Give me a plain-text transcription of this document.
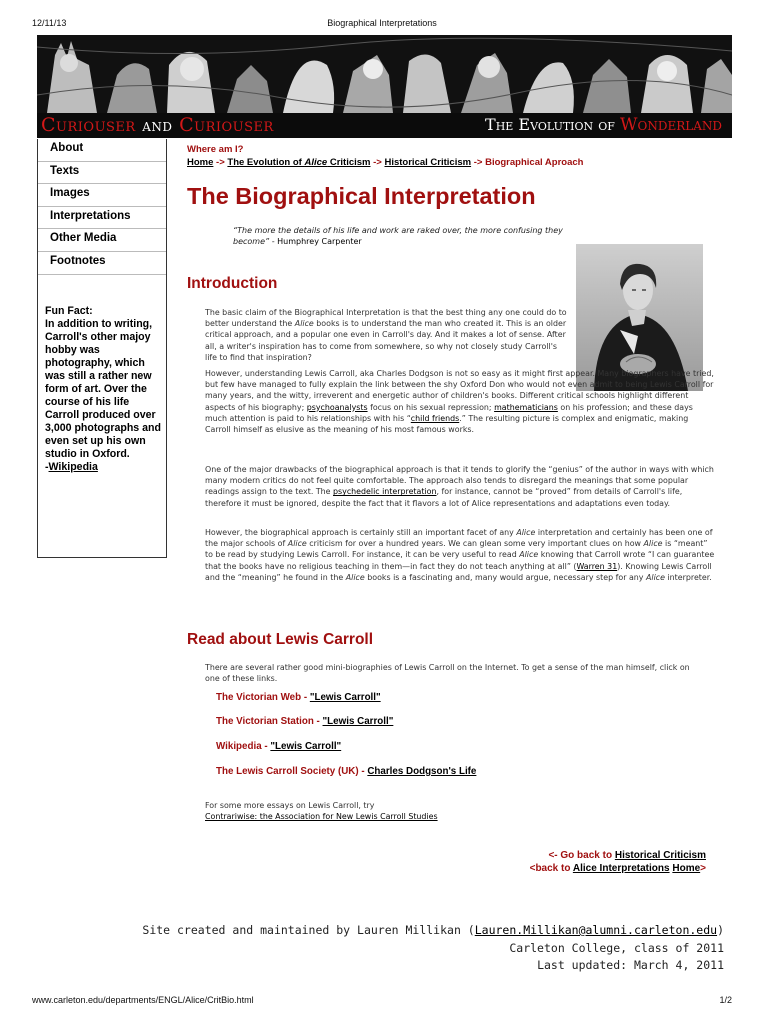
12/11/13	Biographical Interpretations
Curiouser and Curiouser	The Evolution of Wonderland
About
Texts
Images
Interpretations
Other Media
Footnotes
Fun Fact:
In addition to writing, Carroll's other majoy hobby was photography, which was still a rather new form of art. Over the course of his life Carroll produced over 3,000 photographs and even set up his own studio in Oxford.
-Wikipedia
Where am I?
Home -> The Evolution of Alice Criticism -> Historical Criticism -> Biographical Aproach
The Biographical Interpretation
“The more the details of his life and work are raked over, the more confusing they become” - Humphrey Carpenter
Introduction
The basic claim of the Biographical Interpretation is that the best thing any one could do to better understand the Alice books is to understand the man who created it. This is an older critical approach, and a popular one even in Carroll's day. And it makes a lot of sense. After all, a writer's inspiration has to come from somewhere, so why not closely study Carroll's life to find that inspiration?
However, understanding Lewis Carroll, aka Charles Dodgson is not so easy as it might first appear. Many biographers have tried, but few have managed to fully explain the link between the shy Oxford Don who would not even admit to being Lewis Carroll for many years, and the witty, irreverent and energetic author of children's books. Different critical schools highlight different aspects of his biography; psychoanalysts focus on his sexual repression; mathematicians on his profession; and these days much attention is paid to his relationships with his “child friends.” The resulting picture is complex and enigmatic, making Carroll himself as elusive as the meaning of his most famous works.
One of the major drawbacks of the biographical approach is that it tends to glorify the “genius” of the author in ways with which many modern critics do not feel quite comfortable. The approach also tends to disregard the meanings that some popular readings assign to the text. The psychedelic interpretation, for instance, cannot be “proved” from details of Carroll's life, therefore it must be ignored, despite the fact that it flavors a lot of Alice representations and adaptations even today.
However, the biographical approach is certainly still an important facet of any Alice interpretation and certainly has been one of the major schools of Alice criticism for over a hundred years. We can glean some very important clues on how Alice is “meant” to be read by studying Lewis Carroll. For instance, it can be very useful to read Alice knowing that Carroll wrote “I can guarantee that the books have no religious teaching in them—in fact they do not teach anything at all” (Warren 31). Knowing Lewis Carroll and the “meaning” he found in the Alice books is a fascinating and, many would argue, necessary step for any Alice interpreter.
Read about Lewis Carroll
There are several rather good mini-biographies of Lewis Carroll on the Internet. To get a sense of the man himself, click on one of these links.
The Victorian Web - "Lewis Carroll"
The Victorian Station - "Lewis Carroll"
Wikipedia - "Lewis Carroll"
The Lewis Carroll Society (UK) - Charles Dodgson's Life
For some more essays on Lewis Carroll, try
Contrariwise: the Association for New Lewis Carroll Studies
<- Go back to Historical Criticism
<back to Alice Interpretations Home>
Site created and maintained by Lauren Millikan (Lauren.Millikan@alumni.carleton.edu)
Carleton College, class of 2011
Last updated: March 4, 2011
www.carleton.edu/departments/ENGL/Alice/CritBio.html	1/2
